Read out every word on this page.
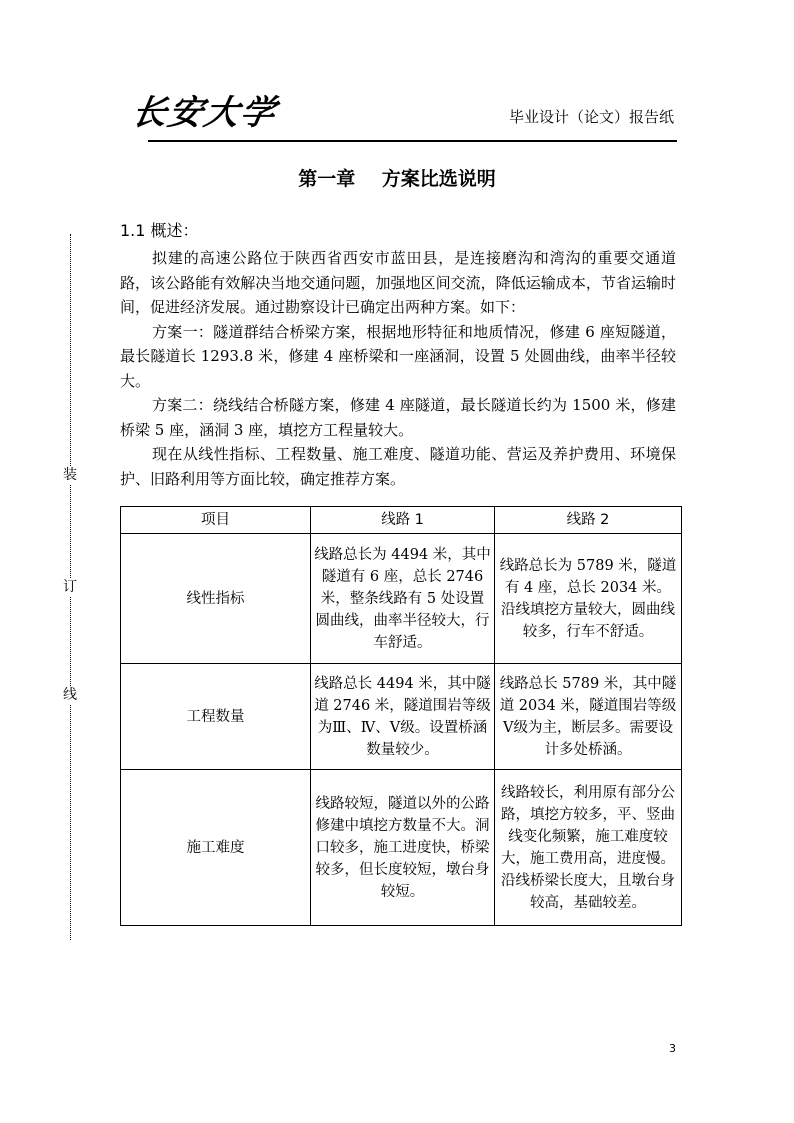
长安大学	毕业设计（论文）报告纸
装
订
线
第一章    方案比选说明
1.1 概述：

拟建的高速公路位于陕西省西安市蓝田县，是连接磨沟和湾沟的重要交通道路，该公路能有效解决当地交通问题，加强地区间交流，降低运输成本，节省运输时间，促进经济发展。通过勘察设计已确定出两种方案。如下：

方案一：隧道群结合桥梁方案，根据地形特征和地质情况，修建 6 座短隧道，最长隧道长 1293.8 米，修建 4 座桥梁和一座涵洞，设置 5 处圆曲线，曲率半径较大。

方案二：绕线结合桥隧方案，修建 4 座隧道，最长隧道长约为 1500 米，修建桥梁 5 座，涵洞 3 座，填挖方工程量较大。

现在从线性指标、工程数量、施工难度、隧道功能、营运及养护费用、环境保护、旧路利用等方面比较，确定推荐方案。

项目	线路 1	线路 2
线性指标	线路总长为 4494 米，其中隧道有 6 座，总长 2746 米，整条线路有 5 处设置圆曲线，曲率半径较大，行车舒适。	线路总长为 5789 米，隧道有 4 座，总长 2034 米。沿线填挖方量较大，圆曲线较多，行车不舒适。
工程数量	线路总长 4494 米，其中隧道 2746 米，隧道围岩等级为Ⅲ、Ⅳ、Ⅴ级。设置桥涵数量较少。	线路总长 5789 米，其中隧道 2034 米，隧道围岩等级Ⅴ级为主，断层多。需要设计多处桥涵。
施工难度	线路较短，隧道以外的公路修建中填挖方数量不大。洞口较多，施工进度快，桥梁较多，但长度较短，墩台身较短。	线路较长，利用原有部分公路，填挖方较多，平、竖曲线变化频繁，施工难度较大，施工费用高，进度慢。沿线桥梁长度大，且墩台身较高，基础较差。
3
